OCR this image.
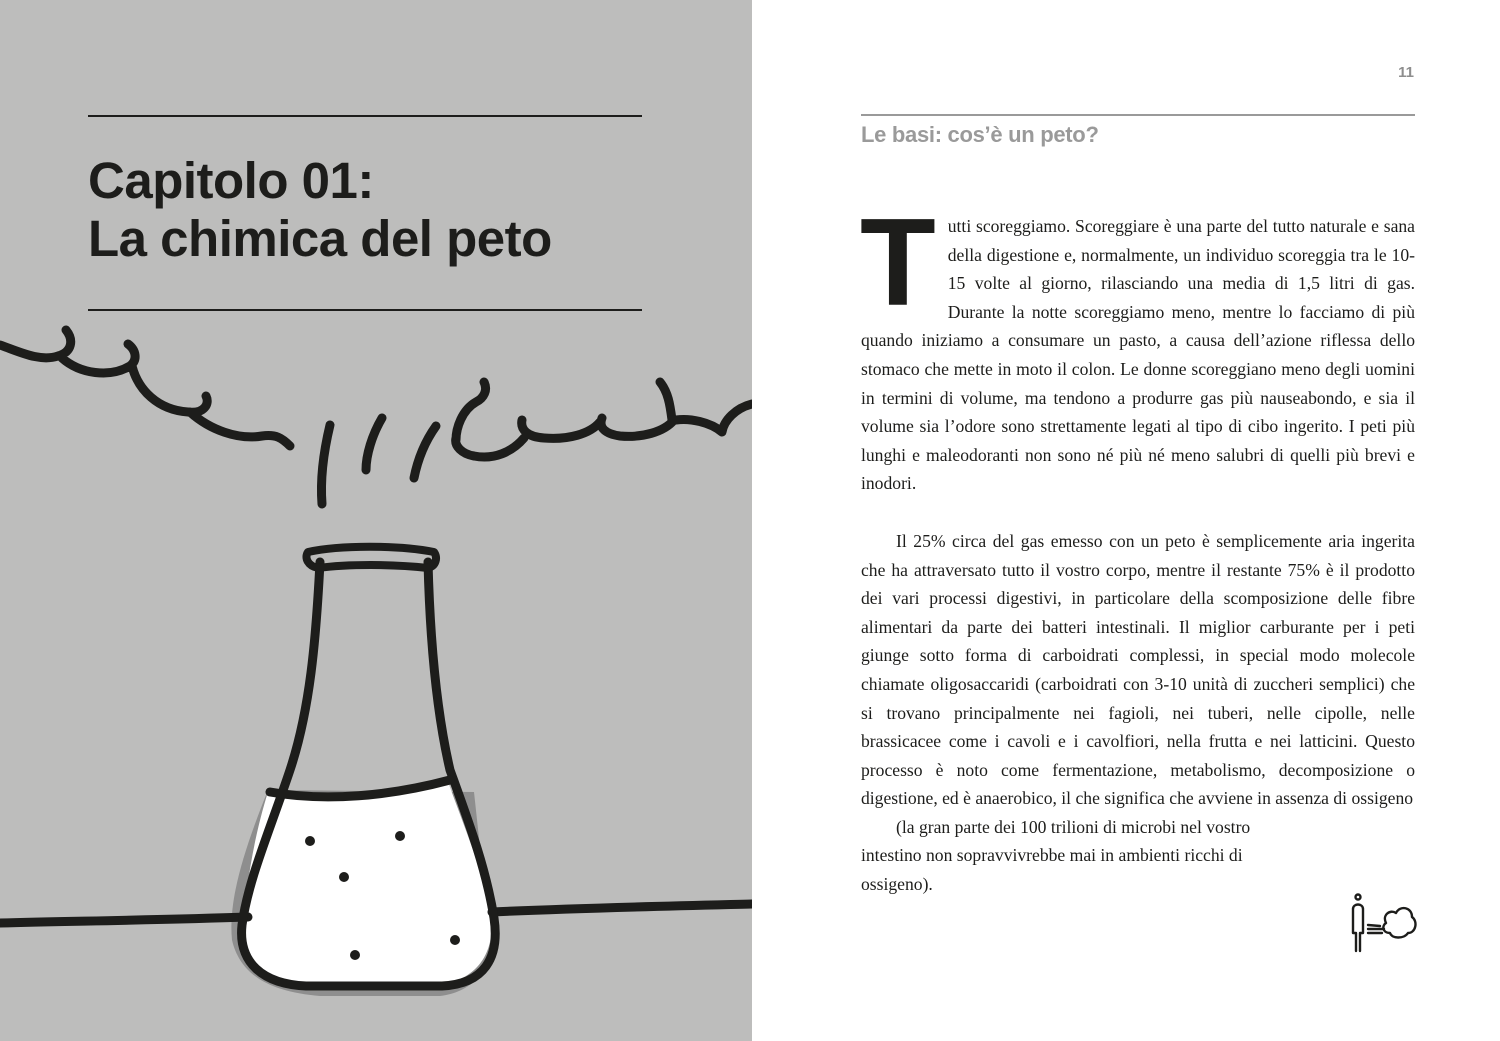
Capitolo 01:
La chimica del peto
11
Le basi: cos’è un peto?

Tutti scoreggiamo. Scoreggiare è una parte del tutto naturale e sana della digestione e, normalmente, un individuo scoreggia tra le 10-15 volte al giorno, rilasciando una media di 1,5 litri di gas. Durante la notte scoreggiamo meno, mentre lo facciamo di più quando iniziamo a consumare un pasto, a causa dell’azione riflessa dello stomaco che mette in moto il colon. Le donne scoreggiano meno degli uomini in termini di volume, ma tendono a produrre gas più nauseabondo, e sia il volume sia l’odore sono strettamente legati al tipo di cibo ingerito. I peti più lunghi e maleodoranti non sono né più né meno salubri di quelli più brevi e inodori.

Il 25% circa del gas emesso con un peto è semplicemente aria ingerita che ha attraversato tutto il vostro corpo, mentre il restante 75% è il prodotto dei vari processi digestivi, in particolare della scomposizione delle fibre alimentari da parte dei batteri intestinali. Il miglior carburante per i peti giunge sotto forma di carboidrati complessi, in special modo molecole chiamate oligosaccaridi (carboidrati con 3-10 unità di zuccheri semplici) che si trovano principalmente nei fagioli, nei tuberi, nelle cipolle, nelle brassicacee come i cavoli e i cavolfiori, nella frutta e nei latticini. Questo processo è noto come fermentazione, metabolismo, decomposizione o digestione, ed è anaerobico, il che significa che avviene in assenza di ossigeno
(la gran parte dei 100 trilioni di microbi nel vostro intestino non sopravvivrebbe mai in ambienti ricchi di ossigeno).
